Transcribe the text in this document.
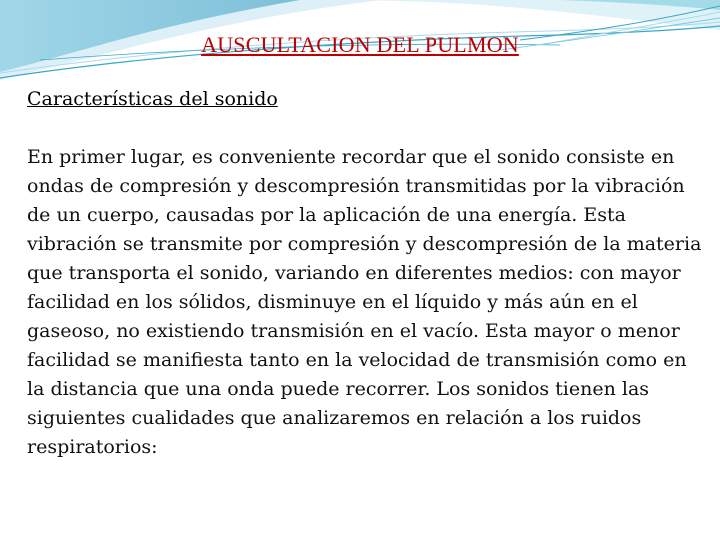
AUSCULTACION DEL PULMON
Características del sonido
En primer lugar, es conveniente recordar que el sonido consiste en ondas de compresión y descompresión transmitidas por la vibración de un cuerpo, causadas por la aplicación de una energía. Esta vibración se transmite por compresión y descompresión de la materia que transporta el sonido, variando en diferentes medios: con mayor facilidad en los sólidos, disminuye en el líquido y más aún en el gaseoso, no existiendo transmisión en el vacío. Esta mayor o menor facilidad se manifiesta tanto en la velocidad de transmisión como en la distancia que una onda puede recorrer. Los sonidos tienen las siguientes cualidades que analizaremos en relación a los ruidos respiratorios:
